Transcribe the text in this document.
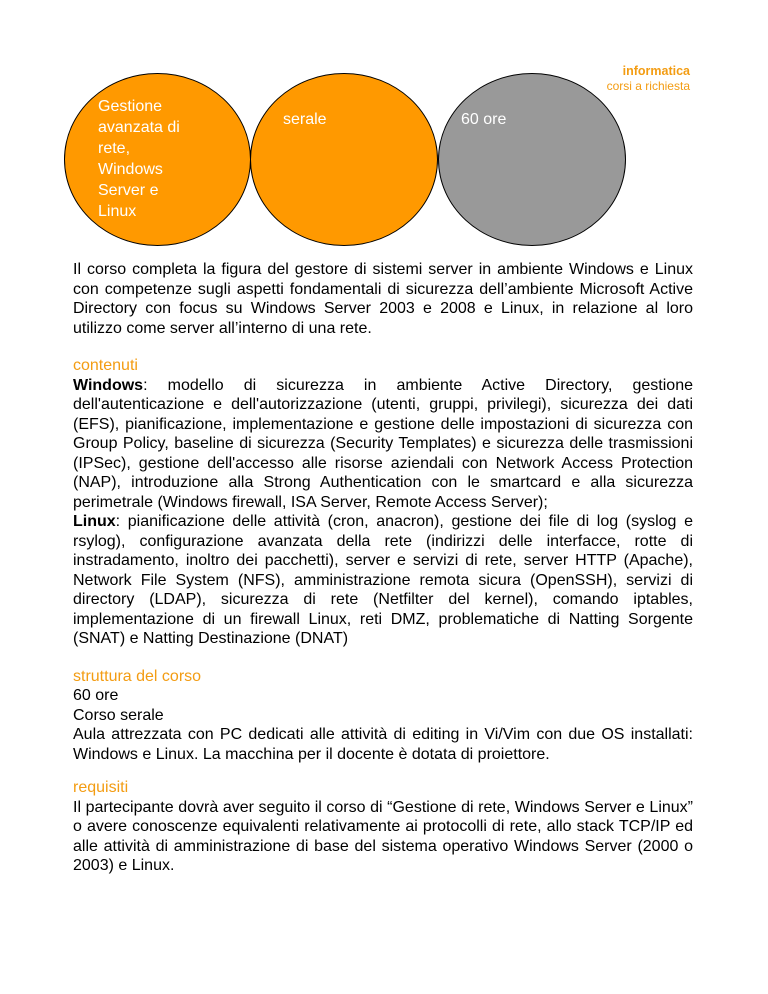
informatica
corsi a richiesta
Gestione
avanzata di
rete,
Windows
Server e
Linux
serale	60 ore

Il corso completa la figura del gestore di sistemi server in ambiente Windows e Linux con competenze sugli aspetti fondamentali di sicurezza dell’ambiente Microsoft Active Directory con focus su Windows Server 2003 e 2008 e Linux, in relazione al loro utilizzo come server all’interno di una rete.

contenuti

Windows: modello di sicurezza in ambiente Active Directory, gestione dell'autenticazione e dell'autorizzazione (utenti, gruppi, privilegi), sicurezza dei dati (EFS), pianificazione, implementazione e gestione delle impostazioni di sicurezza con Group Policy, baseline di sicurezza (Security Templates) e sicurezza delle trasmissioni (IPSec), gestione dell'accesso alle risorse aziendali con Network Access Protection (NAP), introduzione alla Strong Authentication con le smartcard e alla sicurezza perimetrale (Windows firewall, ISA Server, Remote Access Server);

Linux: pianificazione delle attività (cron, anacron), gestione dei file di log (syslog e rsylog), configurazione avanzata della rete (indirizzi delle interfacce, rotte di instradamento, inoltro dei pacchetti), server e servizi di rete, server HTTP (Apache), Network File System (NFS), amministrazione remota sicura (OpenSSH), servizi di directory (LDAP), sicurezza di rete (Netfilter del kernel), comando iptables, implementazione di un firewall Linux, reti DMZ, problematiche di Natting Sorgente (SNAT) e Natting Destinazione (DNAT)

struttura del corso

60 ore

Corso serale

Aula attrezzata con PC dedicati alle attività di editing in Vi/Vim con due OS installati: Windows e Linux. La macchina per il docente è dotata di proiettore.

requisiti

Il partecipante dovrà aver seguito il corso di “Gestione di rete, Windows Server e Linux” o avere conoscenze equivalenti relativamente ai protocolli di rete, allo stack TCP/IP ed alle attività di amministrazione di base del sistema operativo Windows Server (2000 o 2003) e Linux.
